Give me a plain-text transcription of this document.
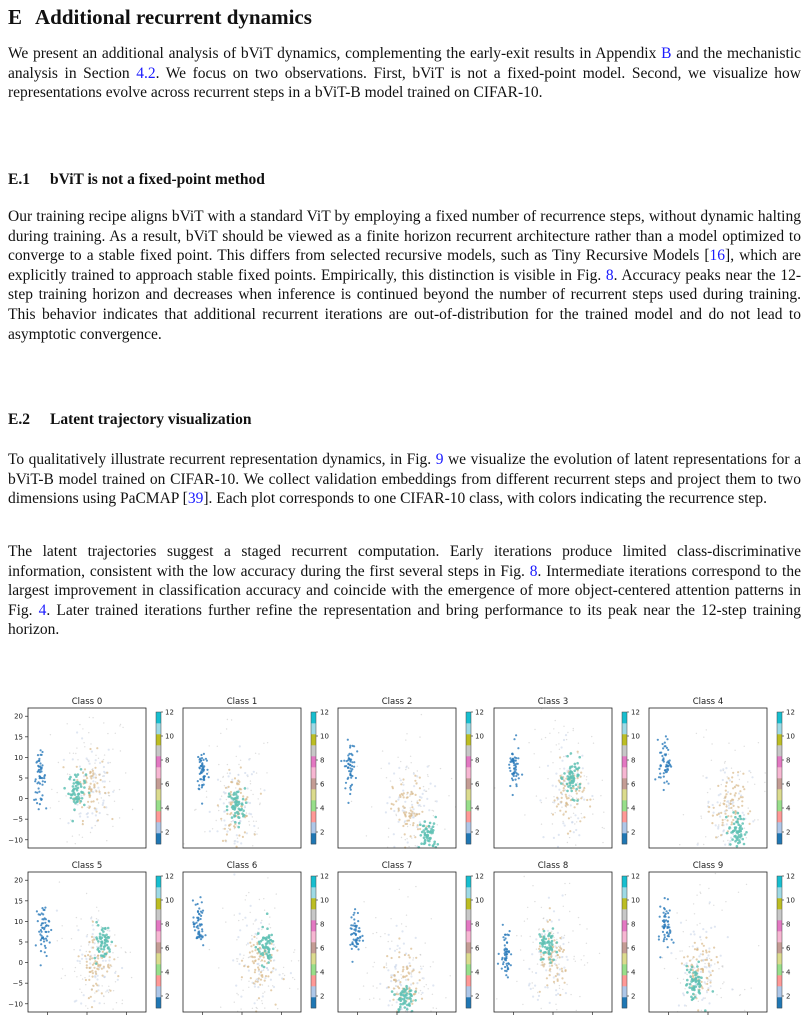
E Additional recurrent dynamics

We present an additional analysis of bViT dynamics, complementing the early-exit results in Appendix B and the mechanistic analysis in Section 4.2. We focus on two observations. First, bViT is not a fixed-point model. Second, we visualize how representations evolve across recurrent steps in a bViT-B model trained on CIFAR-10.

E.1 bViT is not a fixed-point method

Our training recipe aligns bViT with a standard ViT by employing a fixed number of recurrence steps, without dynamic halting during training. As a result, bViT should be viewed as a finite horizon recurrent architecture rather than a model optimized to converge to a stable fixed point. This differs from selected recursive models, such as Tiny Recursive Models [16], which are explicitly trained to approach stable fixed points. Empirically, this distinction is visible in Fig. 8. Accuracy peaks near the 12-step training horizon and decreases when inference is continued beyond the number of recurrent steps used during training. This behavior indicates that additional recurrent iterations are out-of-distribution for the trained model and do not lead to asymptotic convergence.

E.2 Latent trajectory visualization

To qualitatively illustrate recurrent representation dynamics, in Fig. 9 we visualize the evolution of latent representations for a bViT-B model trained on CIFAR-10. We collect validation embeddings from different recurrent steps and project them to two dimensions using PaCMAP [39]. Each plot corresponds to one CIFAR-10 class, with colors indicating the recurrence step.

The latent trajectories suggest a staged recurrent computation. Early iterations produce limited class-discriminative information, consistent with the low accuracy during the first several steps in Fig. 8. Intermediate iterations correspond to the largest improvement in classification accuracy and coincide with the emergence of more object-centered attention patterns in Fig. 4. Later trained iterations further refine the representation and bring performance to its peak near the 12-step training horizon.

Class 0
20
15
10
5
0
−5
−10
12
10
8
6
4
2
Class 1
12
10
8
6
4
2
Class 2
12
10
8
6
4
2
Class 3
12
10
8
6
4
2
Class 4
12
10
8
6
4
2
Class 5
20
15
10
5
0
−5
−10
12
10
8
6
4
2
Class 6
12
10
8
6
4
2
Class 7
12
10
8
6
4
2
Class 8
12
10
8
6
4
2
Class 9
12
10
8
6
4
2
